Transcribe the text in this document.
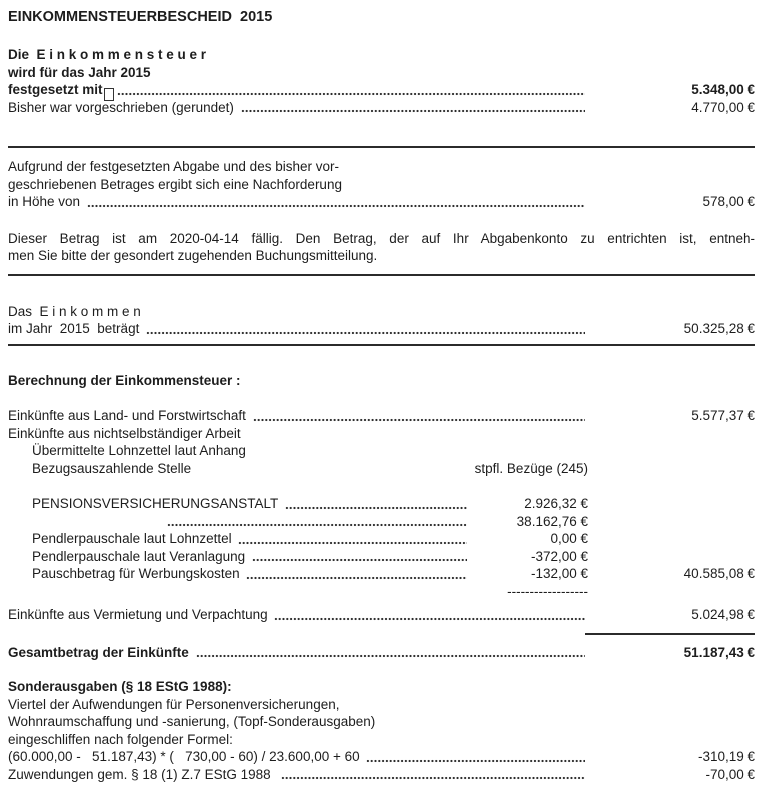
EINKOMMENSTEUERBESCHEID  2015
Die  E i n k o m m e n s t e u e r
wird für das Jahr 2015
festgesetzt mit	5.348,00 €
Bisher war vorgeschrieben (gerundet)	4.770,00 €
Aufgrund der festgesetzten Abgabe und des bisher vor-
geschriebenen Betrages ergibt sich eine Nachforderung
in Höhe von	578,00 €
Dieser Betrag ist am 2020-04-14 fällig. Den Betrag, der auf Ihr Abgabenkonto zu entrichten ist, entneh-
men Sie bitte der gesondert zugehenden Buchungsmitteilung.
Das  E i n k o m m e n
im Jahr  2015  beträgt	50.325,28 €
Berechnung der Einkommensteuer :
Einkünfte aus Land- und Forstwirtschaft	5.577,37 €
Einkünfte aus nichtselbständiger Arbeit
Übermittelte Lohnzettel laut Anhang
Bezugsauszahlende Stelle	stpfl. Bezüge (245)
PENSIONSVERSICHERUNGSANSTALT	2.926,32 €
38.162,76 €
Pendlerpauschale laut Lohnzettel	0,00 €
Pendlerpauschale laut Veranlagung	-372,00 €
Pauschbetrag für Werbungskosten	-132,00 €	40.585,08 €
------------------
Einkünfte aus Vermietung und Verpachtung	5.024,98 €
Gesamtbetrag der Einkünfte	51.187,43 €
Sonderausgaben (§ 18 EStG 1988):
Viertel der Aufwendungen für Personenversicherungen,
Wohnraumschaffung und -sanierung, (Topf-Sonderausgaben)
eingeschliffen nach folgender Formel:
(60.000,00 -   51.187,43) * (   730,00 - 60) / 23.600,00 + 60	-310,19 €
Zuwendungen gem. § 18 (1) Z.7 EStG 1988	-70,00 €
